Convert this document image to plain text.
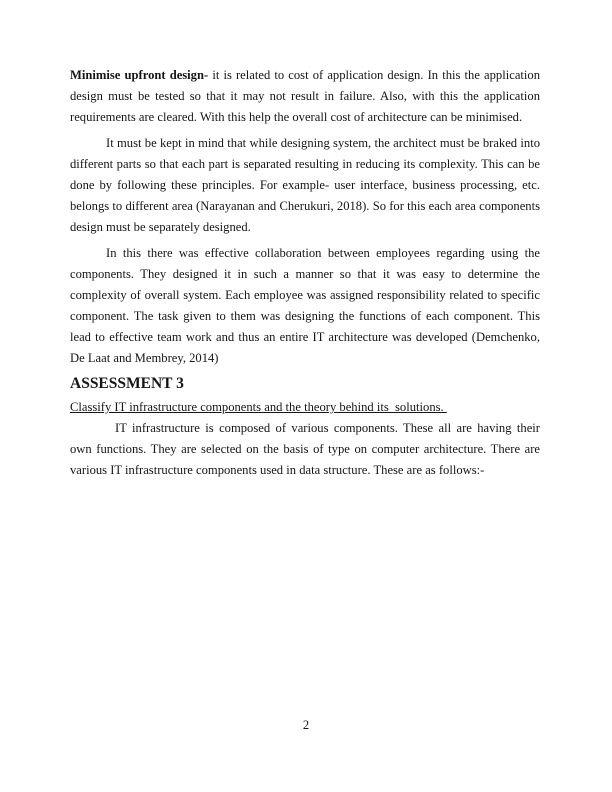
Minimise upfront design- it is related to cost of application design. In this the application design must be tested so that it may not result in failure. Also, with this the application requirements are cleared. With this help the overall cost of architecture can be minimised.

It must be kept in mind that while designing system, the architect must be braked into different parts so that each part is separated resulting in reducing its complexity. This can be done by following these principles. For example- user interface, business processing, etc. belongs to different area (Narayanan and Cherukuri, 2018). So for this each area components design must be separately designed.

In this there was effective collaboration between employees regarding using the components. They designed it in such a manner so that it was easy to determine the complexity of overall system. Each employee was assigned responsibility related to specific component. The task given to them was designing the functions of each component. This lead to effective team work and thus an entire IT architecture was developed (Demchenko, De Laat and Membrey, 2014)

ASSESSMENT 3

Classify IT infrastructure components and the theory behind its  solutions.

IT infrastructure is composed of various components. These all are having their own functions. They are selected on the basis of type on computer architecture. There are various IT infrastructure components used in data structure. These are as follows:-

2
